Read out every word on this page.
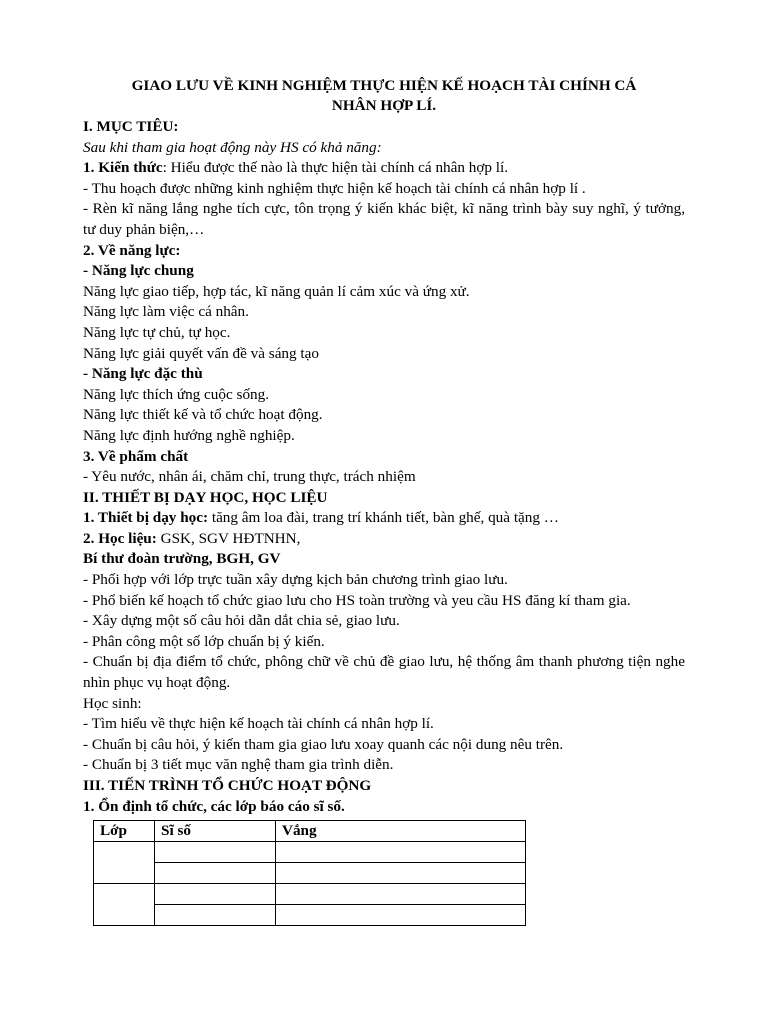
GIAO LƯU VỀ KINH NGHIỆM THỰC HIỆN KẾ HOẠCH TÀI CHÍNH CÁ
NHÂN HỢP LÍ.

I. MỤC TIÊU:

Sau khi tham gia hoạt động này HS có khả năng:

1. Kiến thức: Hiểu được thế nào là thực hiện tài chính cá nhân hợp lí.

- Thu hoạch được những kinh nghiệm thực hiện kế hoạch tài chính cá nhân hợp lí .

- Rèn kĩ năng lắng nghe tích cực, tôn trọng ý kiến khác biệt, kĩ năng trình bày suy nghĩ, ý tưởng, tư duy phản biện,…

2. Về năng lực:

- Năng lực chung

Năng lực giao tiếp, hợp tác, kĩ năng quản lí cảm xúc và ứng xử.

Năng lực làm việc cá nhân.

Năng lực tự chủ, tự học.

Năng lực giải quyết vấn đề và sáng tạo

- Năng lực đặc thù

Năng lực thích ứng cuộc sống.

Năng lực thiết kế và tổ chức hoạt động.

Năng lực định hướng nghề nghiệp.

3. Về phẩm chất

- Yêu nước, nhân ái, chăm chỉ, trung thực, trách nhiệm

II. THIẾT BỊ DẠY HỌC, HỌC LIỆU

1. Thiết bị dạy học: tăng âm loa đài, trang trí khánh tiết, bàn ghế, quà tặng …

2. Học liệu: GSK, SGV HĐTNHN,

Bí thư đoàn trường, BGH, GV

- Phối hợp với lớp trực tuần xây dựng kịch bản chương trình giao lưu.

- Phổ biến kế hoạch tổ chức giao lưu cho HS toàn trường và yeu cầu HS đăng kí tham gia.

- Xây dựng một số câu hỏi dẫn dắt chia sẻ, giao lưu.

- Phân công một số lớp chuẩn bị ý kiến.

- Chuẩn bị địa điểm tổ chức, phông chữ về chủ đề giao lưu, hệ thống âm thanh phương tiện nghe nhìn phục vụ hoạt động.

Học sinh:

- Tìm hiểu về thực hiện kế hoạch tài chính cá nhân hợp lí.

- Chuẩn bị câu hỏi, ý kiến tham gia giao lưu xoay quanh các nội dung nêu trên.

- Chuẩn bị 3 tiết mục văn nghệ tham gia trình diễn.

III. TIẾN TRÌNH TỔ CHỨC HOẠT ĐỘNG

1. Ổn định tổ chức, các lớp báo cáo sĩ số.

Lớp	Sĩ số	Vắng
